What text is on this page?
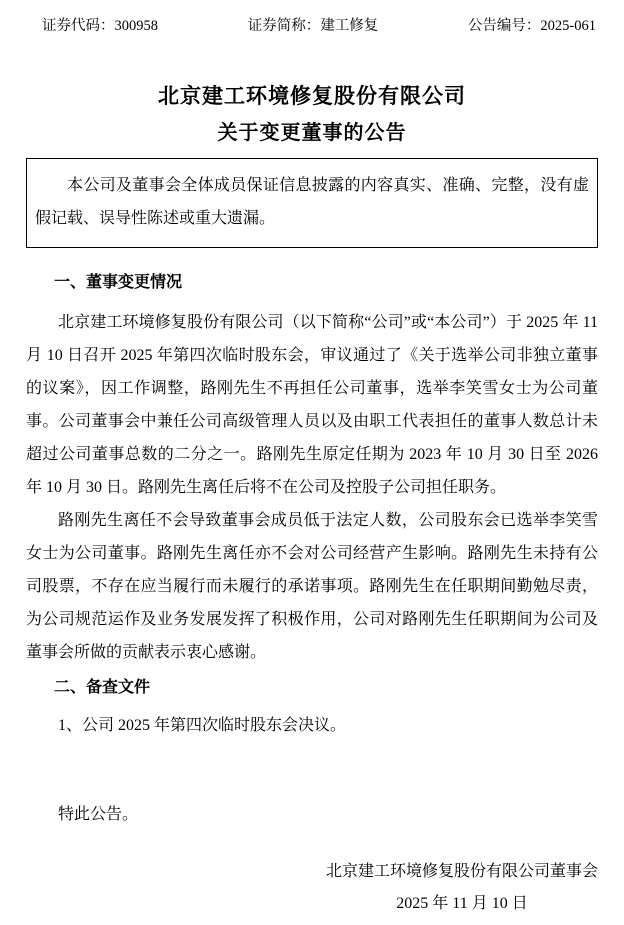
证券代码：300958	证券简称：建工修复	公告编号：2025-061
北京建工环境修复股份有限公司
关于变更董事的公告
本公司及董事会全体成员保证信息披露的内容真实、准确、完整，没有虚假记载、误导性陈述或重大遗漏。
一、董事变更情况

北京建工环境修复股份有限公司（以下简称“公司”或“本公司”）于 2025 年 11 月 10 日召开 2025 年第四次临时股东会，审议通过了《关于选举公司非独立董事的议案》，因工作调整，路刚先生不再担任公司董事，选举李笑雪女士为公司董事。公司董事会中兼任公司高级管理人员以及由职工代表担任的董事人数总计未超过公司董事总数的二分之一。路刚先生原定任期为 2023 年 10 月 30 日至 2026 年 10 月 30 日。路刚先生离任后将不在公司及控股子公司担任职务。

路刚先生离任不会导致董事会成员低于法定人数，公司股东会已选举李笑雪女士为公司董事。路刚先生离任亦不会对公司经营产生影响。路刚先生未持有公司股票，不存在应当履行而未履行的承诺事项。路刚先生在任职期间勤勉尽责，为公司规范运作及业务发展发挥了积极作用，公司对路刚先生任职期间为公司及董事会所做的贡献表示衷心感谢。

二、备查文件

1、公司 2025 年第四次临时股东会决议。

特此公告。

北京建工环境修复股份有限公司董事会
2025 年 11 月 10 日
